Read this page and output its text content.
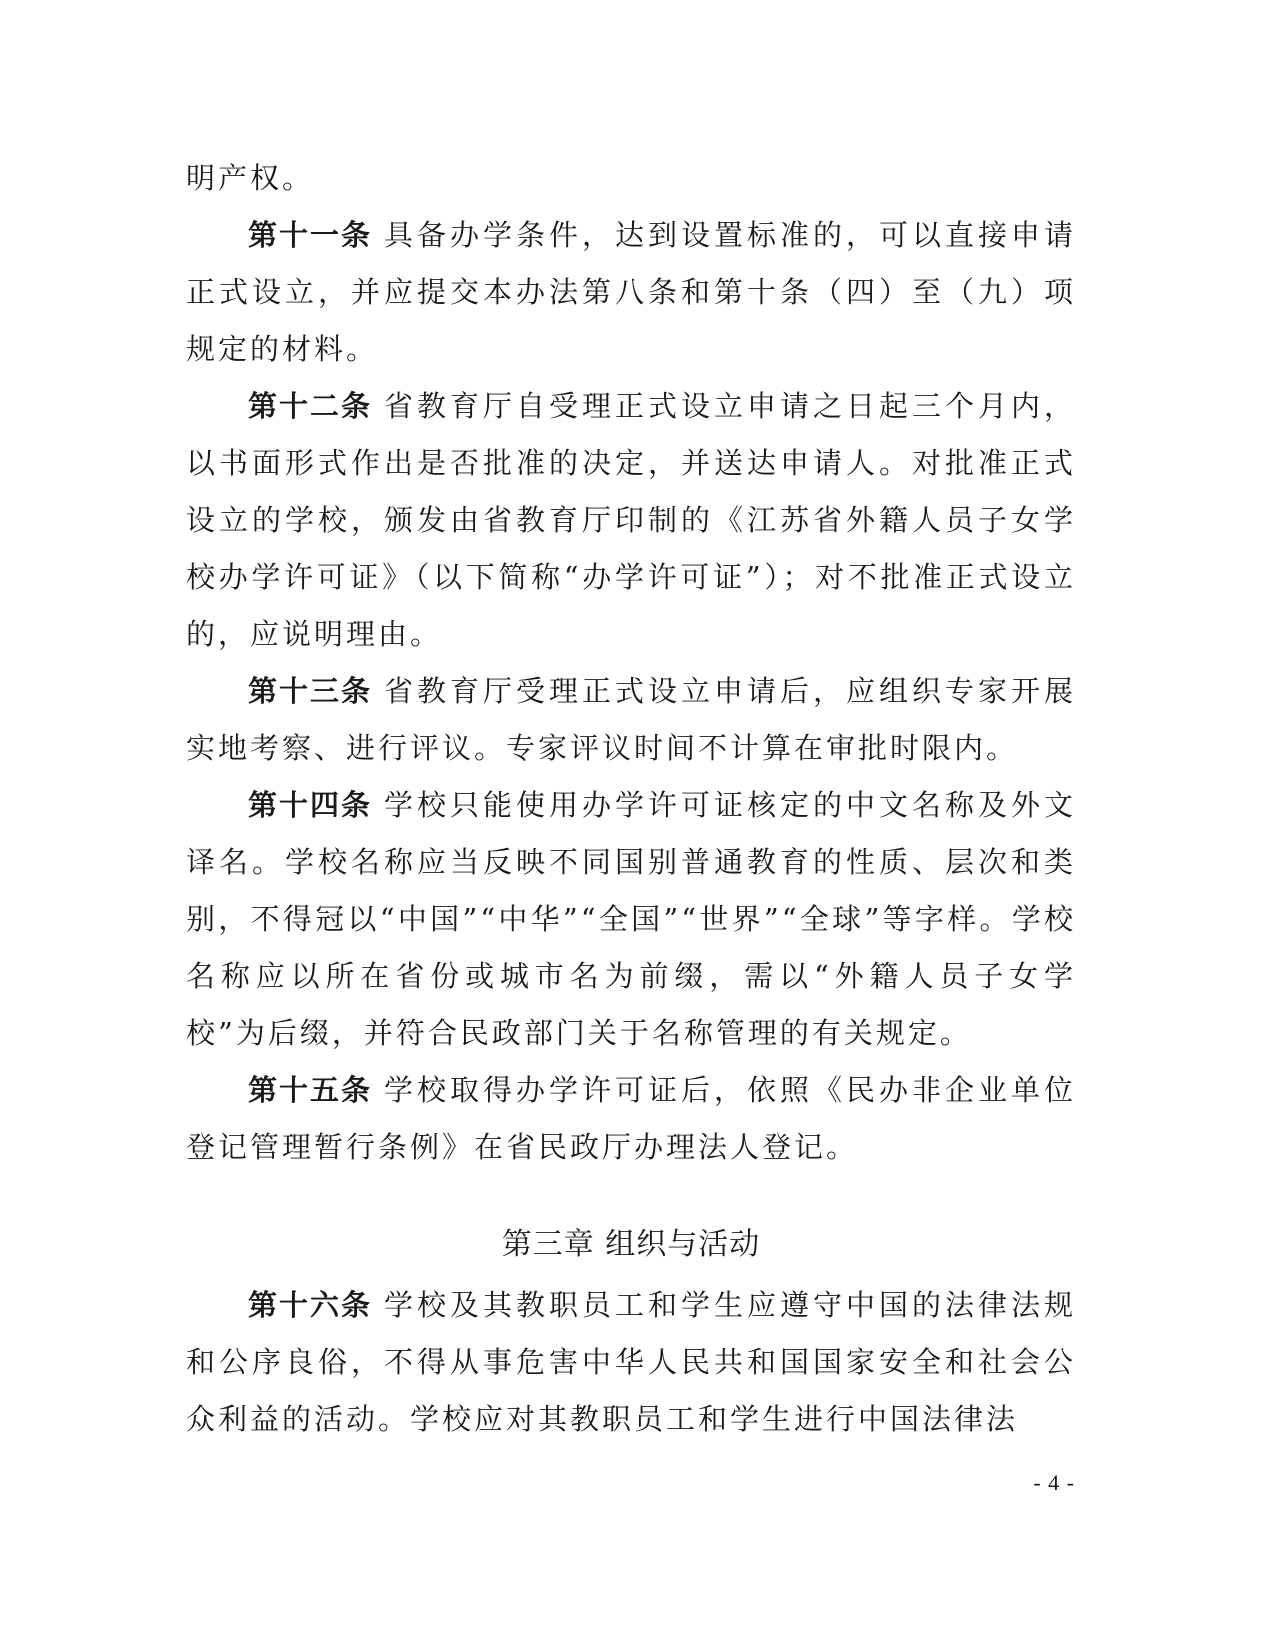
明产权。

第十一条 具备办学条件，达到设置标准的，可以直接申请正式设立，并应提交本办法第八条和第十条（四）至（九）项规定的材料。

第十二条 省教育厅自受理正式设立申请之日起三个月内，以书面形式作出是否批准的决定，并送达申请人。对批准正式设立的学校，颁发由省教育厅印制的《江苏省外籍人员子女学校办学许可证》（以下简称“办学许可证”）；对不批准正式设立的，应说明理由。

第十三条 省教育厅受理正式设立申请后，应组织专家开展实地考察、进行评议。专家评议时间不计算在审批时限内。

第十四条 学校只能使用办学许可证核定的中文名称及外文译名。学校名称应当反映不同国别普通教育的性质、层次和类别，不得冠以“中国”“中华”“全国”“世界”“全球”等字样。学校名称应以所在省份或城市名为前缀，需以“外籍人员子女学校”为后缀，并符合民政部门关于名称管理的有关规定。

第十五条 学校取得办学许可证后，依照《民办非企业单位登记管理暂行条例》在省民政厅办理法人登记。

第三章 组织与活动

第十六条 学校及其教职员工和学生应遵守中国的法律法规和公序良俗，不得从事危害中华人民共和国国家安全和社会公众利益的活动。学校应对其教职员工和学生进行中国法律法

- 4 -
